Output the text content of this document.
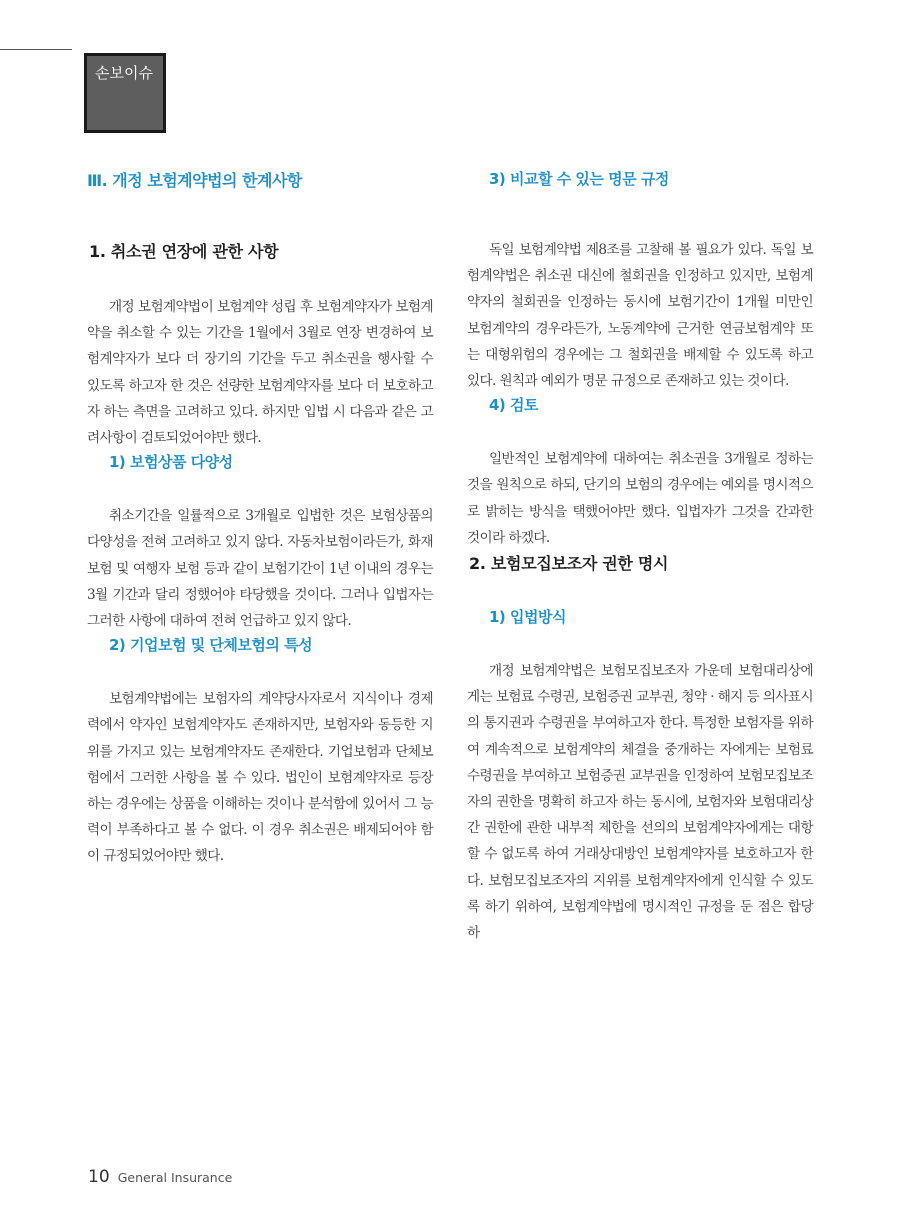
손보이슈
Ⅲ. 개정 보험계약법의 한계사항
1. 취소권 연장에 관한 사항

개정 보험계약법이 보험계약 성립 후 보험계약자가 보험계약을 취소할 수 있는 기간을 1월에서 3월로 연장 변경하여 보험계약자가 보다 더 장기의 기간을 두고 취소권을 행사할 수 있도록 하고자 한 것은 선량한 보험계약자를 보다 더 보호하고자 하는 측면을 고려하고 있다. 하지만 입법 시 다음과 같은 고려사항이 검토되었어야만 했다.

1) 보험상품 다양성

취소기간을 일률적으로 3개월로 입법한 것은 보험상품의 다양성을 전혀 고려하고 있지 않다. 자동차보험이라든가, 화재보험 및 여행자 보험 등과 같이 보험기간이 1년 이내의 경우는 3월 기간과 달리 정했어야 타당했을 것이다. 그러나 입법자는 그러한 사항에 대하여 전혀 언급하고 있지 않다.

2) 기업보험 및 단체보험의 특성

보험계약법에는 보험자의 계약당사자로서 지식이나 경제력에서 약자인 보험계약자도 존재하지만, 보험자와 동등한 지위를 가지고 있는 보험계약자도 존재한다. 기업보험과 단체보험에서 그러한 사항을 볼 수 있다. 법인이 보험계약자로 등장하는 경우에는 상품을 이해하는 것이나 분석함에 있어서 그 능력이 부족하다고 볼 수 없다. 이 경우 취소권은 배제되어야 함이 규정되었어야만 했다.

3) 비교할 수 있는 명문 규정

독일 보험계약법 제8조를 고찰해 볼 필요가 있다. 독일 보험계약법은 취소권 대신에 철회권을 인정하고 있지만, 보험계약자의 철회권을 인정하는 동시에 보험기간이 1개월 미만인 보험계약의 경우라든가, 노동계약에 근거한 연금보험계약 또는 대형위험의 경우에는 그 철회권을 배제할 수 있도록 하고 있다. 원칙과 예외가 명문 규정으로 존재하고 있는 것이다.

4) 검토

일반적인 보험계약에 대하여는 취소권을 3개월로 정하는 것을 원칙으로 하되, 단기의 보험의 경우에는 예외를 명시적으로 밝히는 방식을 택했어야만 했다. 입법자가 그것을 간과한 것이라 하겠다.

2. 보험모집보조자 권한 명시
1) 입법방식

개정 보험계약법은 보험모집보조자 가운데 보험대리상에게는 보험료 수령권, 보험증권 교부권, 청약 · 해지 등 의사표시의 통지권과 수령권을 부여하고자 한다. 특정한 보험자를 위하여 계속적으로 보험계약의 체결을 중개하는 자에게는 보험료 수령권을 부여하고 보험증권 교부권을 인정하여 보험모집보조자의 권한을 명확히 하고자 하는 동시에, 보험자와 보험대리상 간 권한에 관한 내부적 제한을 선의의 보험계약자에게는 대항할 수 없도록 하여 거래상대방인 보험계약자를 보호하고자 한다. 보험모집보조자의 지위를 보험계약자에게 인식할 수 있도록 하기 위하여, 보험계약법에 명시적인 규정을 둔 점은 합당하

10 General Insurance
